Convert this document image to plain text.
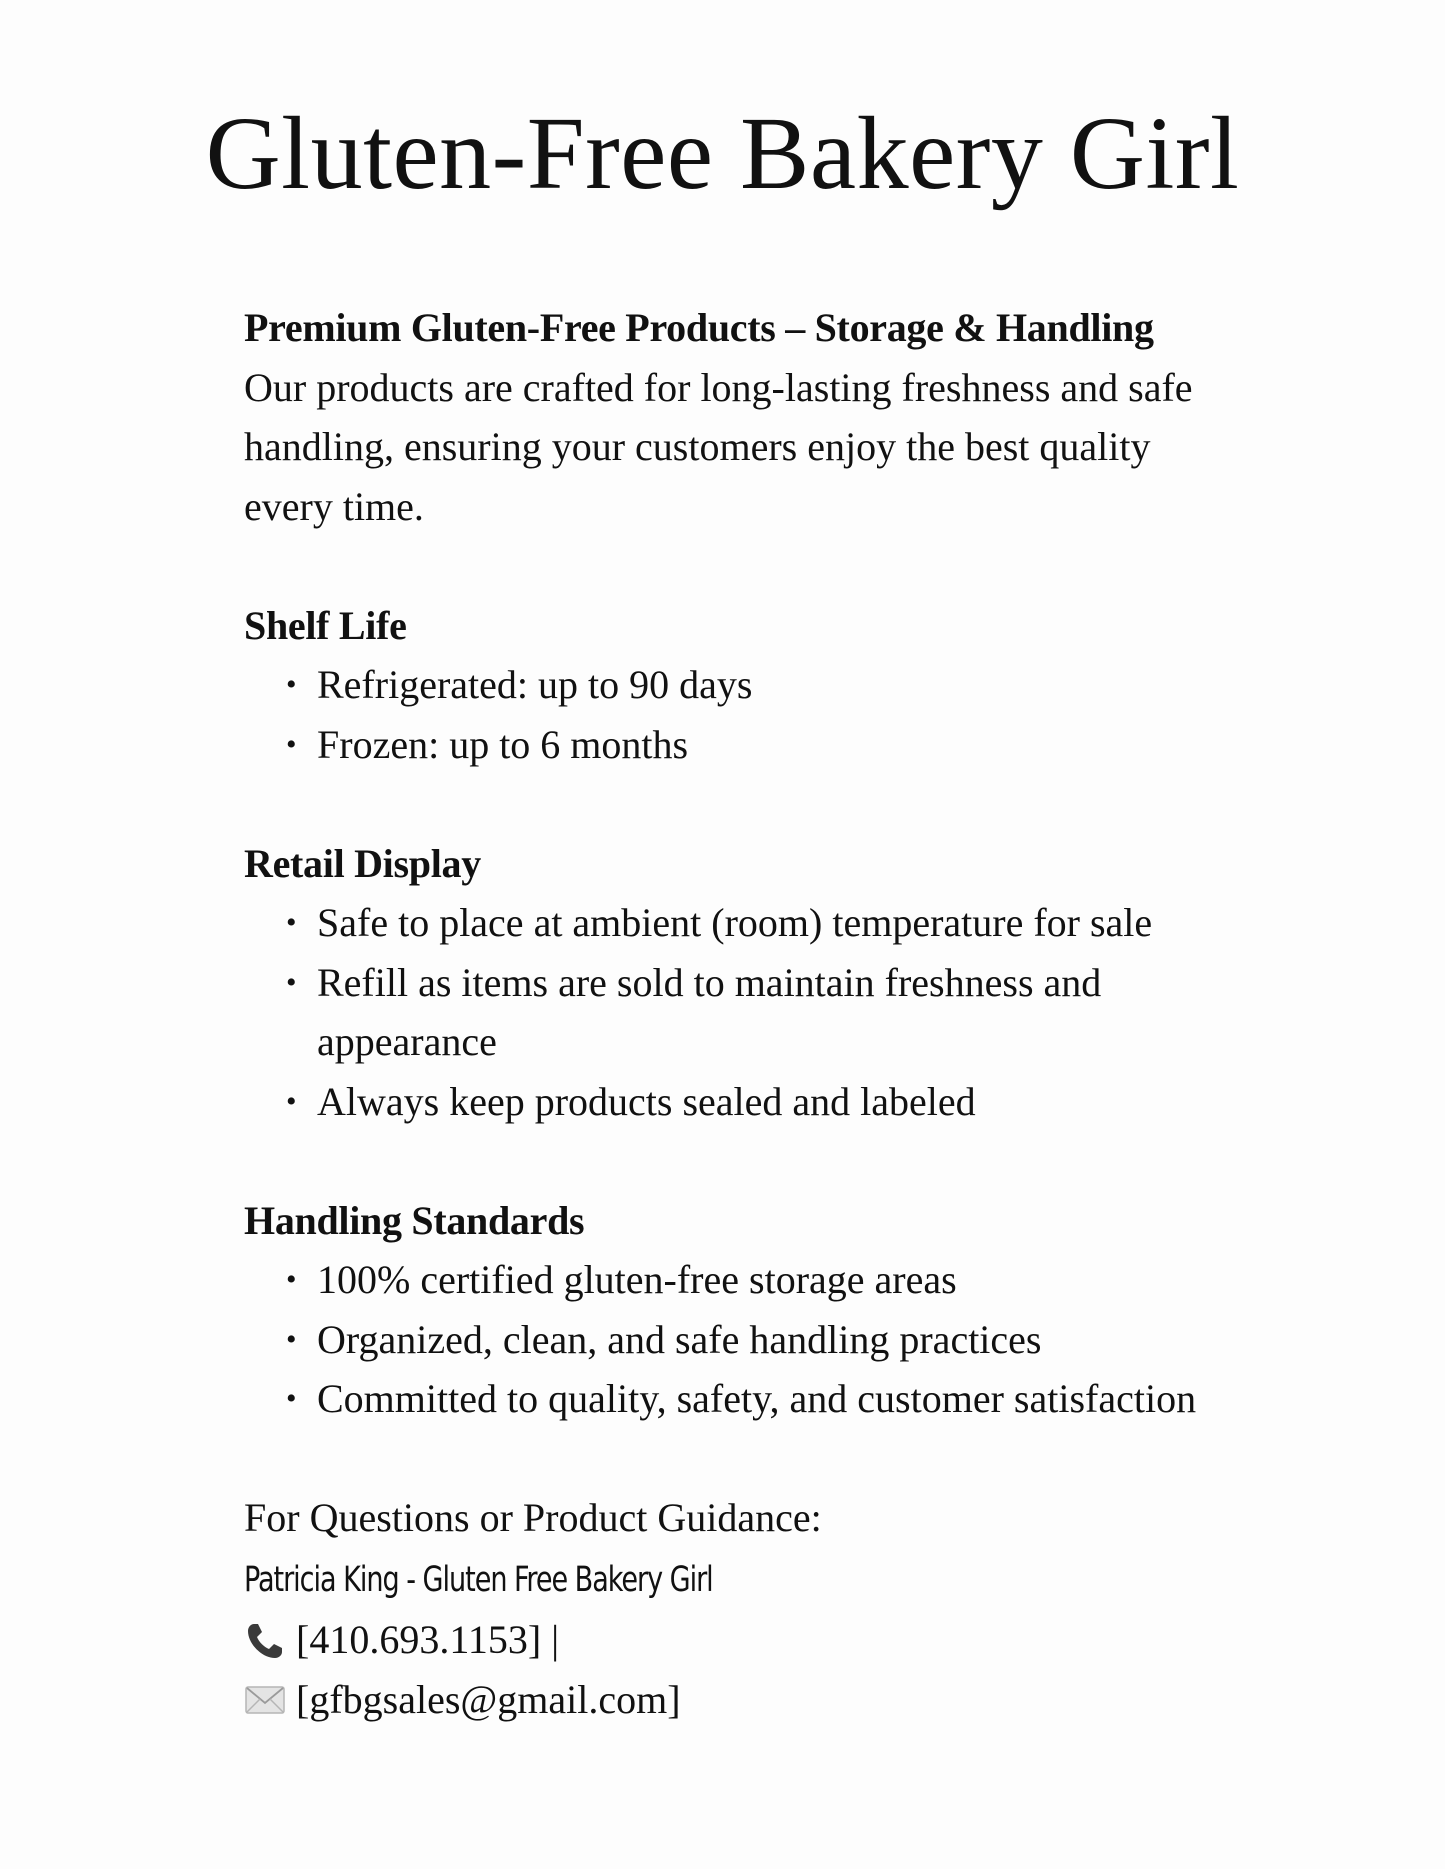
Gluten-Free Bakery Girl

Premium Gluten-Free Products – Storage & Handling

Our products are crafted for long-lasting freshness and safe handling, ensuring your customers enjoy the best quality every time.

Shelf Life

• Refrigerated: up to 90 days
• Frozen: up to 6 months

Retail Display

• Safe to place at ambient (room) temperature for sale
• Refill as items are sold to maintain freshness and appearance
• Always keep products sealed and labeled

Handling Standards

• 100% certified gluten-free storage areas
• Organized, clean, and safe handling practices
• Committed to quality, safety, and customer satisfaction

For Questions or Product Guidance:

Patricia King - Gluten Free Bakery Girl
[410.693.1153] |
[gfbgsales@gmail.com]
